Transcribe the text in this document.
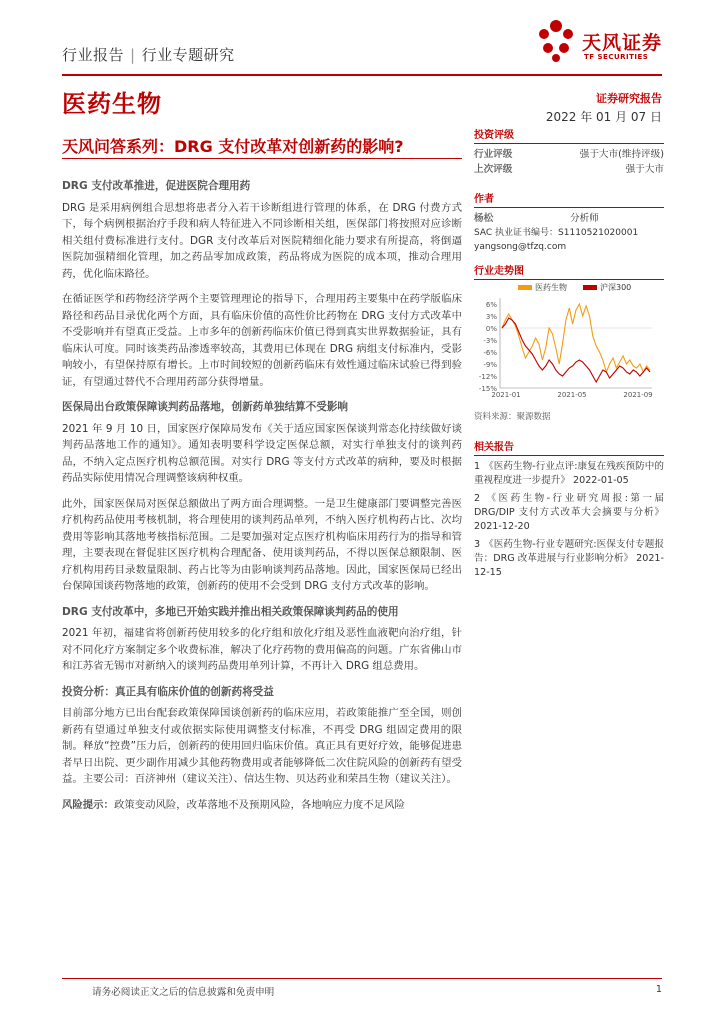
行业报告 | 行业专题研究
天风证券
TF SECURITIES
医药生物	证券研究报告
2022 年 01 月 07 日
天风问答系列：DRG 支付改革对创新药的影响?
DRG 支付改革推进，促进医院合理用药
DRG 是采用病例组合思想将患者分入若干诊断组进行管理的体系，在 DRG 付费方式下，每个病例根据治疗手段和病人特征进入不同诊断相关组，医保部门将按照对应诊断相关组付费标准进行支付。DGR 支付改革后对医院精细化能力要求有所提高，将倒逼医院加强精细化管理，加之药品零加成政策，药品将成为医院的成本项，推动合理用药，优化临床路径。
在循证医学和药物经济学两个主要管理理论的指导下，合理用药主要集中在药学版临床路径和药品目录优化两个方面，具有临床价值的高性价比药物在 DRG 支付方式改革中不受影响并有望真正受益。上市多年的创新药临床价值已得到真实世界数据验证，具有临床认可度。同时该类药品渗透率较高，其费用已体现在 DRG 病组支付标准内，受影响较小，有望保持原有增长。上市时间较短的创新药临床有效性通过临床试验已得到验证，有望通过替代不合理用药部分获得增量。
医保局出台政策保障谈判药品落地，创新药单独结算不受影响
2021 年 9 月 10 日，国家医疗保障局发布《关于适应国家医保谈判常态化持续做好谈判药品落地工作的通知》。通知表明要科学设定医保总额，对实行单独支付的谈判药品，不纳入定点医疗机构总额范围。对实行 DRG 等支付方式改革的病种，要及时根据药品实际使用情况合理调整该病种权重。
此外，国家医保局对医保总额做出了两方面合理调整。一是卫生健康部门要调整完善医疗机构药品使用考核机制，将合理使用的谈判药品单列，不纳入医疗机构药占比、次均费用等影响其落地考核指标范围。二是要加强对定点医疗机构临床用药行为的指导和管理，主要表现在督促驻区医疗机构合理配备、使用谈判药品，不得以医保总额限制、医疗机构用药目录数量限制、药占比等为由影响谈判药品落地。因此，国家医保局已经出台保障国谈药物落地的政策，创新药的使用不会受到 DRG 支付方式改革的影响。
DRG 支付改革中，多地已开始实践并推出相关政策保障谈判药品的使用
2021 年初，福建省将创新药使用较多的化疗组和放化疗组及恶性血液靶向治疗组，针对不同化疗方案制定多个收费标准，解决了化疗药物的费用偏高的问题。广东省佛山市和江苏省无锡市对新纳入的谈判药品费用单列计算，不再计入 DRG 组总费用。
投资分析：真正具有临床价值的创新药将受益
目前部分地方已出台配套政策保障国谈创新药的临床应用，若政策能推广至全国，则创新药有望通过单独支付或依据实际使用调整支付标准，不再受 DRG 组固定费用的限制。释放“控费”压力后，创新药的使用回归临床价值。真正具有更好疗效，能够促进患者早日出院、更少副作用减少其他药物费用或者能够降低二次住院风险的创新药有望受益。主要公司：百济神州（建议关注）、信达生物、贝达药业和荣昌生物（建议关注）。
风险提示：政策变动风险，改革落地不及预期风险，各地响应力度不足风险
投资评级
行业评级	强于大市(维持评级)
上次评级	强于大市
作者
杨松	分析师
SAC 执业证书编号：S1110521020001
yangsong@tfzq.com
行业走势图
医药生物	沪深300
6%
3%
0%
-3%
-6%
-9%
-12%
-15%
2021-01	2021-05	2021-09
资料来源：聚源数据
相关报告
1 《医药生物-行业点评:康复在残疾预防中的重视程度进一步提升》 2022-01-05
2 《医药生物-行业研究周报:第一届DRG/DIP 支付方式改革大会摘要与分析》 2021-12-20
3 《医药生物-行业专题研究:医保支付专题报告：DRG 改革进展与行业影响分析》 2021-12-15
请务必阅读正文之后的信息披露和免责申明	1
